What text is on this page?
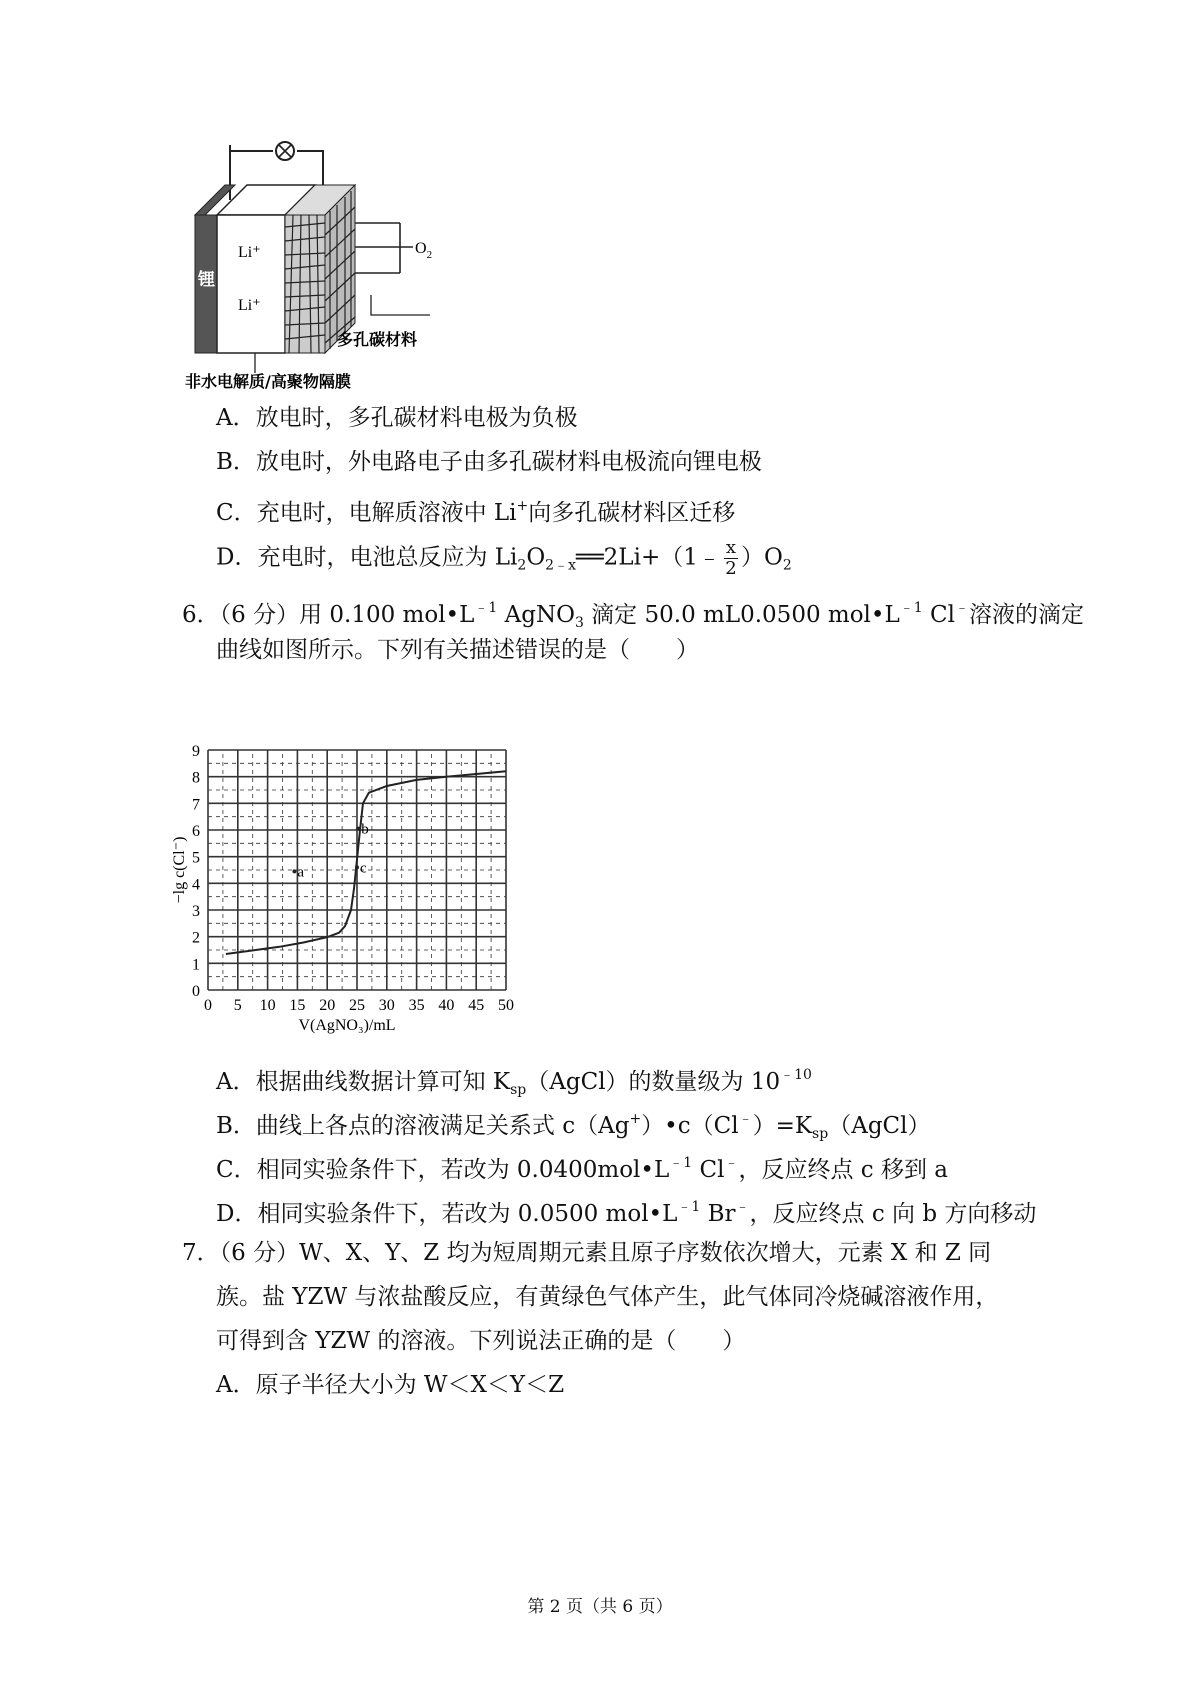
锂
Li⁺
Li⁺
$O_2$
多孔碳材料
非水电解质/高聚物隔膜
A．放电时，多孔碳材料电极为负极
B．放电时，外电路电子由多孔碳材料电极流向锂电极
C．充电时，电解质溶液中 Li+向多孔碳材料区迁移
D．充电时，电池总反应为 $Li_2O_{2﹣x}══2Li+(1﹣ \frac{x}{2} )O_2$
6．（6 分）用 0.100 $mol•L^{﹣1}$ AgNO$_3$ 滴定 50.0 mL0.0500 $mol•L^{﹣1}$ Cl﹣溶液的滴定
曲线如图所示。下列有关描述错误的是（　　）
0 5 10 15 20 25 30 35 40 45 50
0
1
2
3
4
5
6
7
8
9
V(AgNO₃)/mL
−lg c(Cl⁻)	a
b
c
A．根据曲线数据计算可知 $K_{sp}(AgCl)$的数量级为 $10^{﹣10}$
B．曲线上各点的溶液满足关系式 $c(Ag^+)•c(Cl^﹣)=K_{sp}(AgCl)$
C．相同实验条件下，若改为 $0.0400mol•L^{﹣1}$ Cl﹣，反应终点 c 移到 a
D．相同实验条件下，若改为 0.0500 $mol•L^{﹣1}$ Br﹣，反应终点 c 向 b 方向移动
7．（6 分）W、X、Y、Z 均为短周期元素且原子序数依次增大，元素 X 和 Z 同
族。盐 YZW 与浓盐酸反应，有黄绿色气体产生，此气体同冷烧碱溶液作用，
可得到含 YZW 的溶液。下列说法正确的是（　　）
A．原子半径大小为 W＜X＜Y＜Z
第 2 页（共 6 页）
